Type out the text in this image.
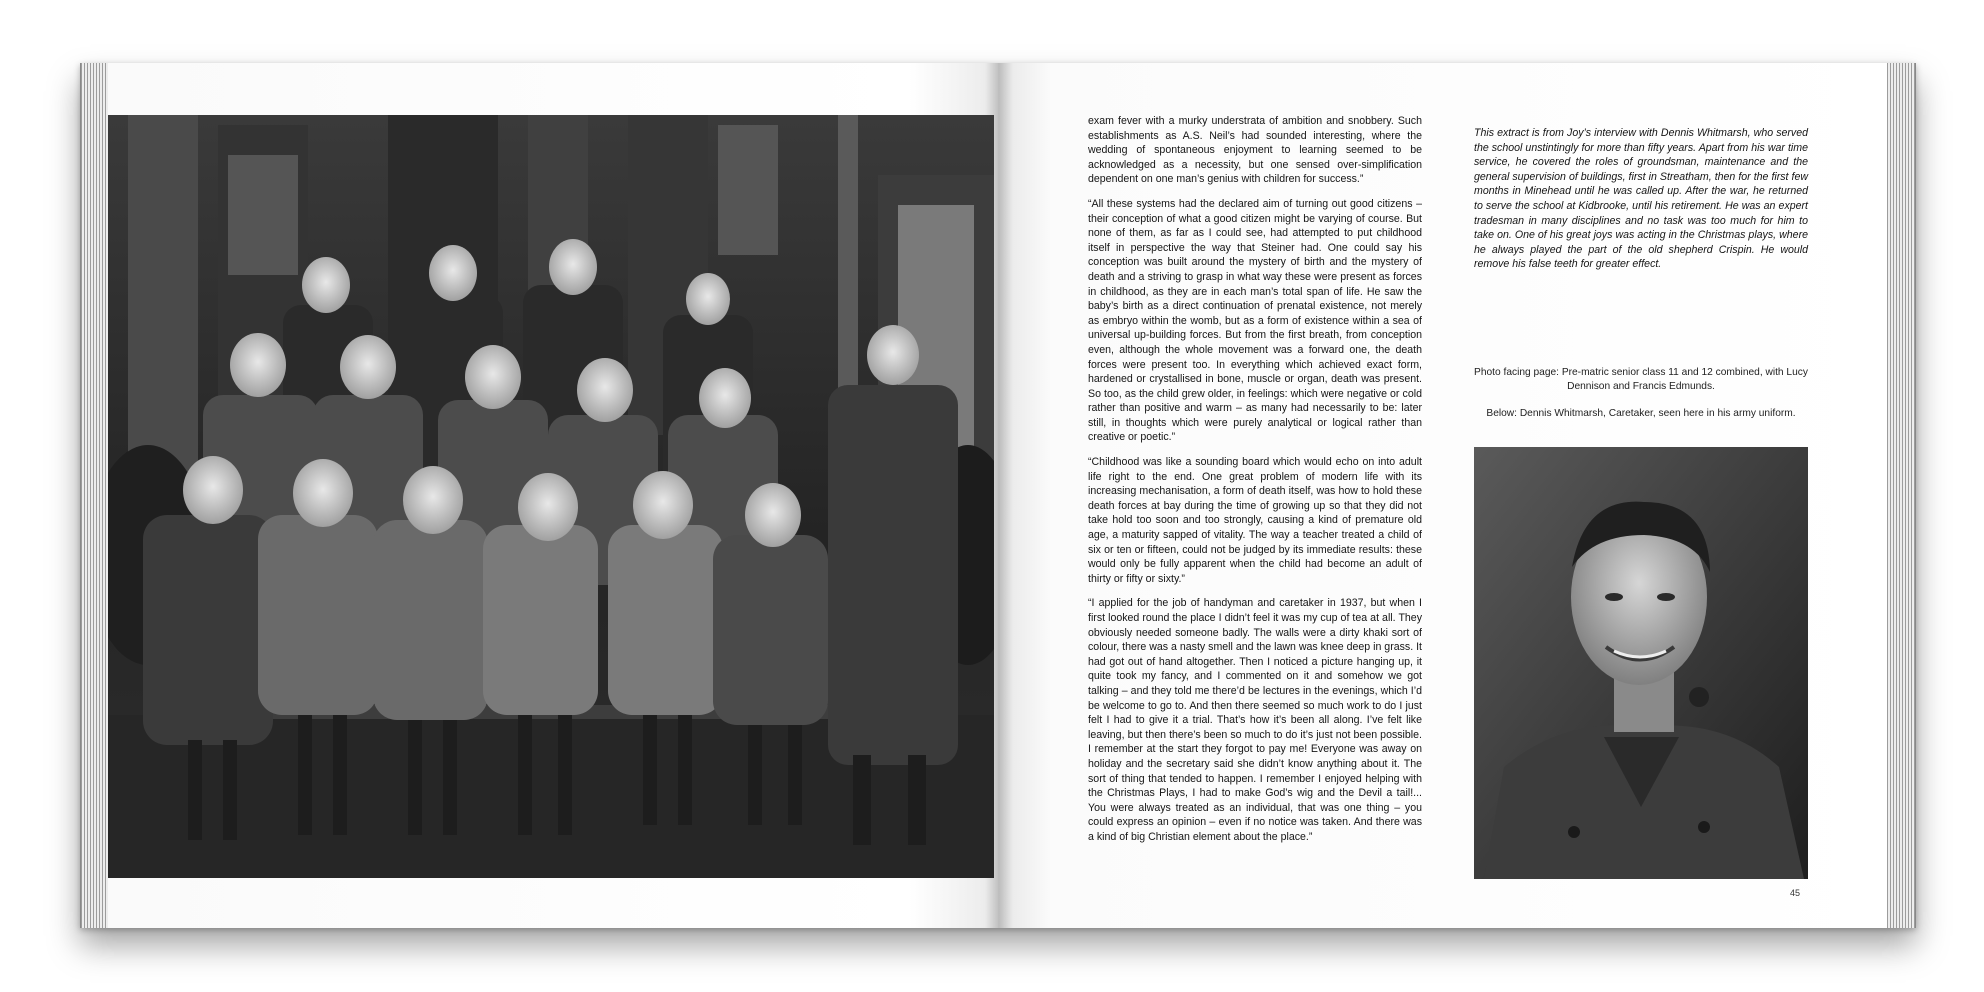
exam fever with a murky understrata of ambition and snobbery. Such establishments as A.S. Neil’s had sounded interesting, where the wedding of spontaneous enjoyment to learning seemed to be acknowledged as a necessity, but one sensed over-simplification dependent on one man’s genius with children for success.”

“All these systems had the declared aim of turning out good citizens – their conception of what a good citizen might be varying of course. But none of them, as far as I could see, had attempted to put childhood itself in perspective the way that Steiner had. One could say his conception was built around the mystery of birth and the mystery of death and a striving to grasp in what way these were present as forces in childhood, as they are in each man’s total span of life. He saw the baby’s birth as a direct continuation of prenatal existence, not merely as embryo within the womb, but as a form of existence within a sea of universal up-building forces. But from the first breath, from conception even, although the whole movement was a forward one, the death forces were present too. In everything which achieved exact form, hardened or crystallised in bone, muscle or organ, death was present. So too, as the child grew older, in feelings: which were negative or cold rather than positive and warm – as many had necessarily to be: later still, in thoughts which were purely analytical or logical rather than creative or poetic.”

“Childhood was like a sounding board which would echo on into adult life right to the end. One great problem of modern life with its increasing mechanisation, a form of death itself, was how to hold these death forces at bay during the time of growing up so that they did not take hold too soon and too strongly, causing a kind of premature old age, a maturity sapped of vitality. The way a teacher treated a child of six or ten or fifteen, could not be judged by its immediate results: these would only be fully apparent when the child had become an adult of thirty or fifty or sixty.”

“I applied for the job of handyman and caretaker in 1937, but when I first looked round the place I didn’t feel it was my cup of tea at all. They obviously needed someone badly. The walls were a dirty khaki sort of colour, there was a nasty smell and the lawn was knee deep in grass. It had got out of hand altogether. Then I noticed a picture hanging up, it quite took my fancy, and I commented on it and somehow we got talking – and they told me there’d be lectures in the evenings, which I’d be welcome to go to. And then there seemed so much work to do I just felt I had to give it a trial. That’s how it’s been all along. I’ve felt like leaving, but then there’s been so much to do it’s just not been possible. I remember at the start they forgot to pay me! Everyone was away on holiday and the secretary said she didn’t know anything about it. The sort of thing that tended to happen. I remember I enjoyed helping with the Christmas Plays, I had to make God’s wig and the Devil a tail!... You were always treated as an individual, that was one thing – you could express an opinion – even if no notice was taken. And there was a kind of big Christian element about the place.”

This extract is from Joy’s interview with Dennis Whitmarsh, who served the school unstintingly for more than fifty years. Apart from his war time service, he covered the roles of groundsman, maintenance and the general supervision of buildings, first in Streatham, then for the first few months in Minehead until he was called up. After the war, he returned to serve the school at Kidbrooke, until his retirement. He was an expert tradesman in many disciplines and no task was too much for him to take on. One of his great joys was acting in the Christmas plays, where he always played the part of the old shepherd Crispin. He would remove his false teeth for greater effect.

Photo facing page: Pre-matric senior class 11 and 12 combined, with Lucy Dennison and Francis Edmunds.
Below: Dennis Whitmarsh, Caretaker, seen here in his army uniform.
45
